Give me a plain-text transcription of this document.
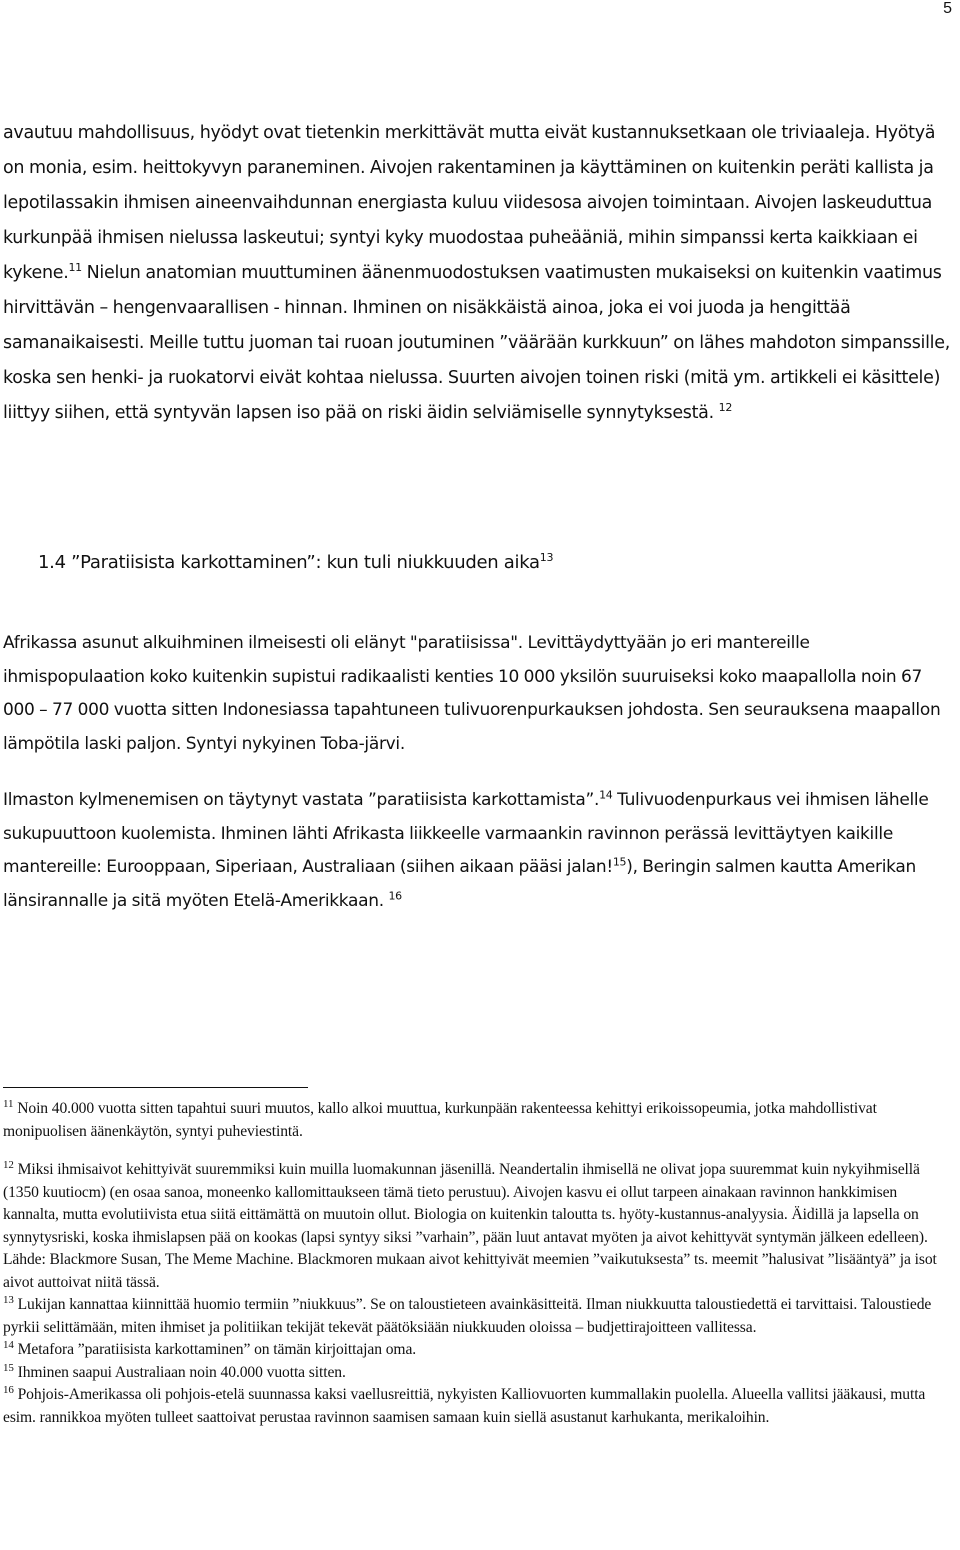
5

avautuu mahdollisuus, hyödyt ovat tietenkin merkittävät mutta eivät kustannuksetkaan ole triviaaleja. Hyötyä on monia, esim. heittokyvyn paraneminen. Aivojen rakentaminen ja käyttäminen on kuitenkin peräti kallista ja lepotilassakin ihmisen aineenvaihdunnan energiasta kuluu viidesosa aivojen toimintaan. Aivojen laskeuduttua kurkunpää ihmisen nielussa laskeutui; syntyi kyky muodostaa puheääniä, mihin simpanssi kerta kaikkiaan ei kykene.$^{11}$ Nielun anatomian muuttuminen äänenmuodostuksen vaatimusten mukaiseksi on kuitenkin vaatimus hirvittävän – hengenvaarallisen - hinnan. Ihminen on nisäkkäistä ainoa, joka ei voi juoda ja hengittää samanaikaisesti. Meille tuttu juoman tai ruoan joutuminen ”väärään kurkkuun” on lähes mahdoton simpanssille, koska sen henki- ja ruokatorvi eivät kohtaa nielussa. Suurten aivojen toinen riski (mitä ym. artikkeli ei käsittele) liittyy siihen, että syntyvän lapsen iso pää on riski äidin selviämiselle synnytyksestä. $^{12}$

1.4 ”Paratiisista karkottaminen”: kun tuli niukkuuden aika$^{13}$

Afrikassa asunut alkuihminen ilmeisesti oli elänyt "paratiisissa". Levittäydyttyään jo eri mantereille ihmispopulaation koko kuitenkin supistui radikaalisti kenties 10 000 yksilön suuruiseksi koko maapallolla noin 67 000 – 77 000 vuotta sitten Indonesiassa tapahtuneen tulivuorenpurkauksen johdosta. Sen seurauksena maapallon lämpötila laski paljon. Syntyi nykyinen Toba-järvi.

Ilmaston kylmenemisen on täytynyt vastata ”paratiisista karkottamista”.$^{14}$ Tulivuodenpurkaus vei ihmisen lähelle sukupuuttoon kuolemista. Ihminen lähti Afrikasta liikkeelle varmaankin ravinnon perässä levittäytyen kaikille mantereille: Eurooppaan, Siperiaan, Australiaan (siihen aikaan pääsi jalan!$^{15}$), Beringin salmen kautta Amerikan länsirannalle ja sitä myöten Etelä-Amerikkaan. $^{16}$

$^{11}$ Noin 40.000 vuotta sitten tapahtui suuri muutos, kallo alkoi muuttua, kurkunpään rakenteessa kehittyi erikoissopeumia, jotka mahdollistivat monipuolisen äänenkäytön, syntyi puheviestintä.

$^{12}$ Miksi ihmisaivot kehittyivät suuremmiksi kuin muilla luomakunnan jäsenillä. Neandertalin ihmisellä ne olivat jopa suuremmat kuin nykyihmisellä (1350 kuutiocm) (en osaa sanoa, moneenko kallomittaukseen tämä tieto perustuu). Aivojen kasvu ei ollut tarpeen ainakaan ravinnon hankkimisen kannalta, mutta evolutiivista etua siitä eittämättä on muutoin ollut. Biologia on kuitenkin taloutta ts. hyöty-kustannus-analyysia. Äidillä ja lapsella on synnytysriski, koska ihmislapsen pää on kookas (lapsi syntyy siksi ”varhain”, pään luut antavat myöten ja aivot kehittyvät syntymän jälkeen edelleen). Lähde: Blackmore Susan, The Meme Machine. Blackmoren mukaan aivot kehittyivät meemien ”vaikutuksesta” ts. meemit ”halusivat ”lisääntyä” ja isot aivot auttoivat niitä tässä.

$^{13}$ Lukijan kannattaa kiinnittää huomio termiin ”niukkuus”. Se on taloustieteen avainkäsitteitä. Ilman niukkuutta taloustiedettä ei tarvittaisi. Taloustiede pyrkii selittämään, miten ihmiset ja politiikan tekijät tekevät päätöksiään niukkuuden oloissa – budjettirajoitteen vallitessa.

$^{14}$ Metafora ”paratiisista karkottaminen” on tämän kirjoittajan oma.

$^{15}$ Ihminen saapui Australiaan noin 40.000 vuotta sitten.

$^{16}$ Pohjois-Amerikassa oli pohjois-etelä suunnassa kaksi vaellusreittiä, nykyisten Kalliovuorten kummallakin puolella. Alueella vallitsi jääkausi, mutta esim. rannikkoa myöten tulleet saattoivat perustaa ravinnon saamisen samaan kuin siellä asustanut karhukanta, merikaloihin.
